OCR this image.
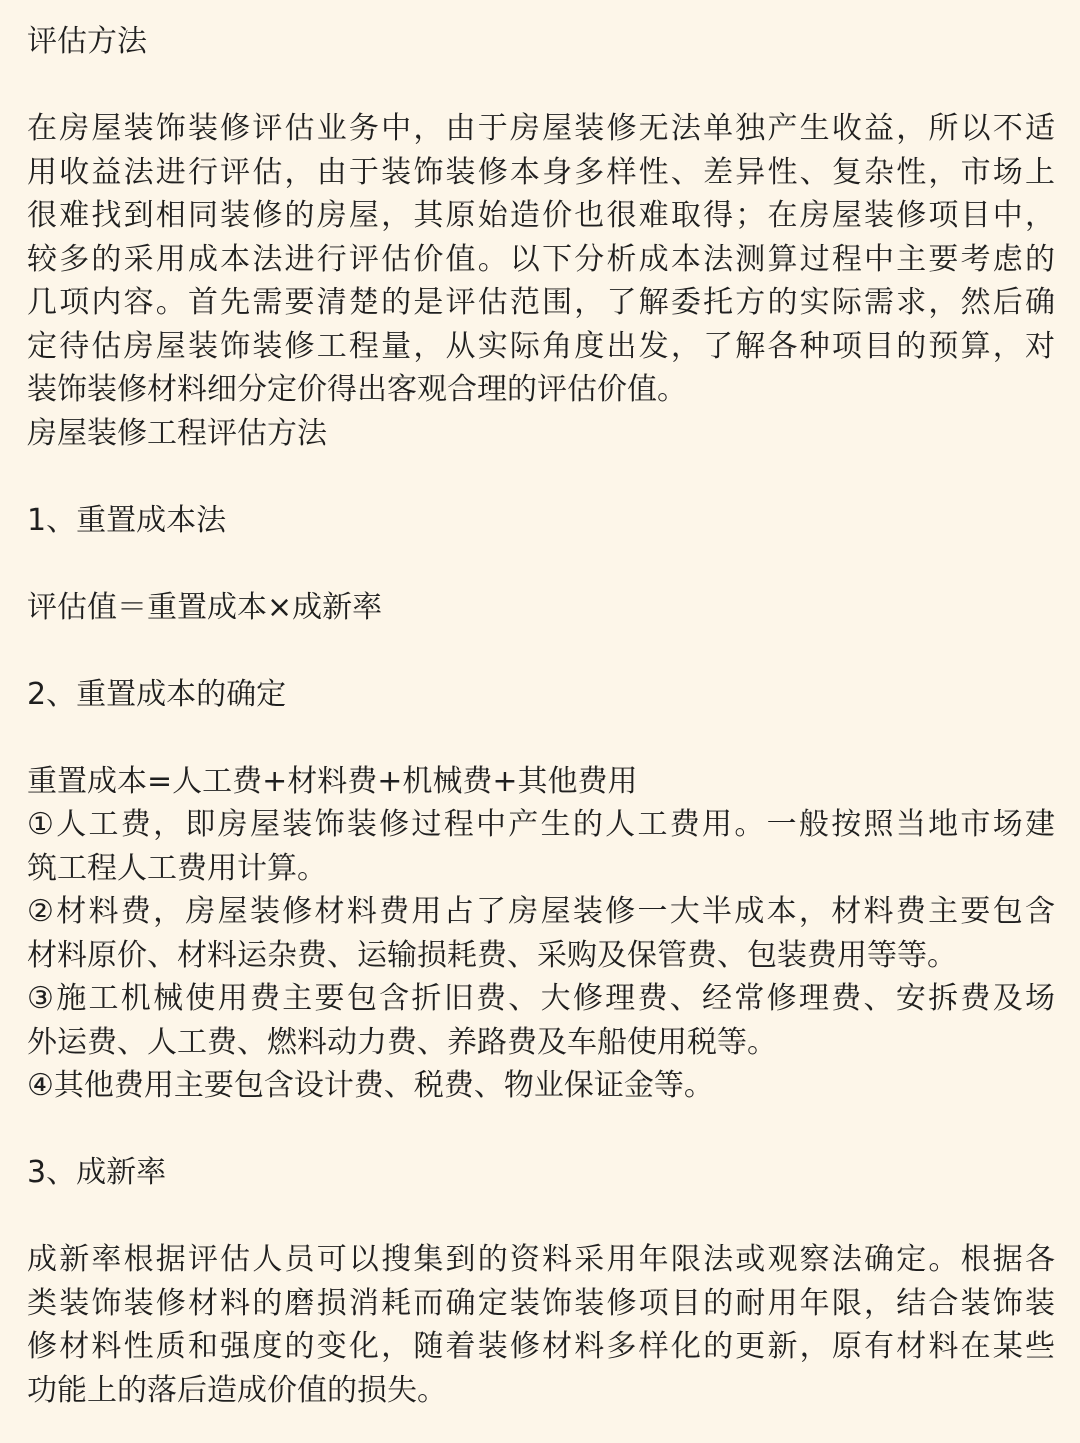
评估方法
在房屋装饰装修评估业务中，由于房屋装修无法单独产生收益，所以不适
用收益法进行评估，由于装饰装修本身多样性、差异性、复杂性，市场上
很难找到相同装修的房屋，其原始造价也很难取得；在房屋装修项目中，
较多的采用成本法进行评估价值。以下分析成本法测算过程中主要考虑的
几项内容。首先需要清楚的是评估范围，了解委托方的实际需求，然后确
定待估房屋装饰装修工程量，从实际角度出发，了解各种项目的预算，对
装饰装修材料细分定价得出客观合理的评估价值。
房屋装修工程评估方法
1、重置成本法
评估值＝重置成本×成新率
2、重置成本的确定
重置成本=人工费+材料费+机械费+其他费用
①人工费，即房屋装饰装修过程中产生的人工费用。一般按照当地市场建
筑工程人工费用计算。
②材料费，房屋装修材料费用占了房屋装修一大半成本，材料费主要包含
材料原价、材料运杂费、运输损耗费、采购及保管费、包装费用等等。
③施工机械使用费主要包含折旧费、大修理费、经常修理费、安拆费及场
外运费、人工费、燃料动力费、养路费及车船使用税等。
④其他费用主要包含设计费、税费、物业保证金等。
3、成新率
成新率根据评估人员可以搜集到的资料采用年限法或观察法确定。根据各
类装饰装修材料的磨损消耗而确定装饰装修项目的耐用年限，结合装饰装
修材料性质和强度的变化，随着装修材料多样化的更新，原有材料在某些
功能上的落后造成价值的损失。
